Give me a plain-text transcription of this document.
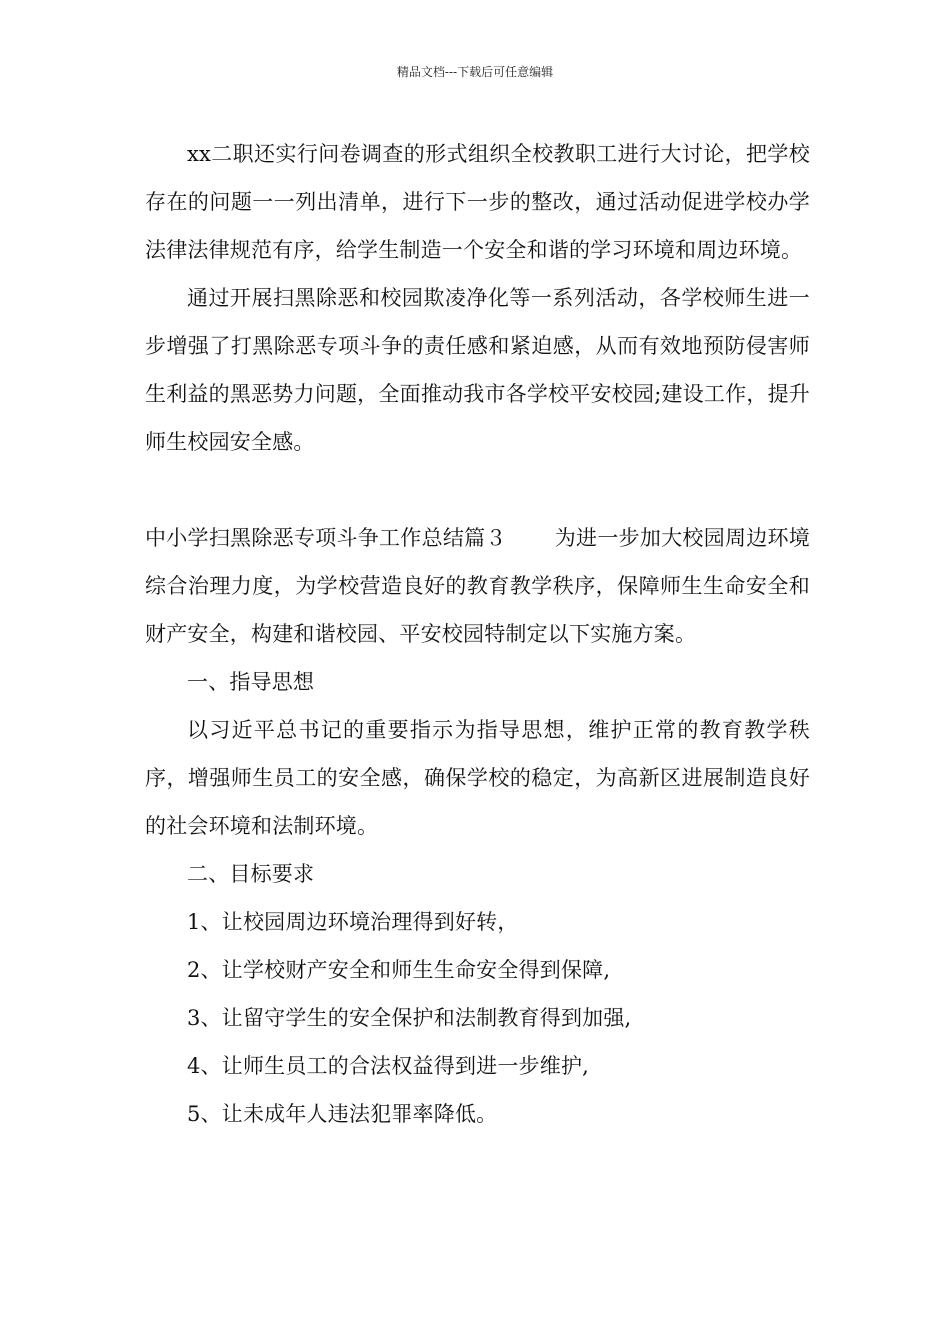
精品文档---下载后可任意编辑

xx二职还实行问卷调查的形式组织全校教职工进行大讨论，把学校存在的问题一一列出清单，进行下一步的整改，通过活动促进学校办学法律法律规范有序，给学生制造一个安全和谐的学习环境和周边环境。

通过开展扫黑除恶和校园欺凌净化等一系列活动，各学校师生进一步增强了打黑除恶专项斗争的责任感和紧迫感，从而有效地预防侵害师生利益的黑恶势力问题，全面推动我市各学校平安校园;建设工作，提升师生校园安全感。

中小学扫黑除恶专项斗争工作总结篇３ 为进一步加大校园周边环境综合治理力度，为学校营造良好的教育教学秩序，保障师生生命安全和财产安全，构建和谐校园、平安校园特制定以下实施方案。

一、指导思想

以习近平总书记的重要指示为指导思想，维护正常的教育教学秩序，增强师生员工的安全感，确保学校的稳定，为高新区进展制造良好的社会环境和法制环境。

二、目标要求

1、让校园周边环境治理得到好转，

2、让学校财产安全和师生生命安全得到保障,

3、让留守学生的安全保护和法制教育得到加强,

4、让师生员工的合法权益得到进一步维护,

5、让未成年人违法犯罪率降低。
